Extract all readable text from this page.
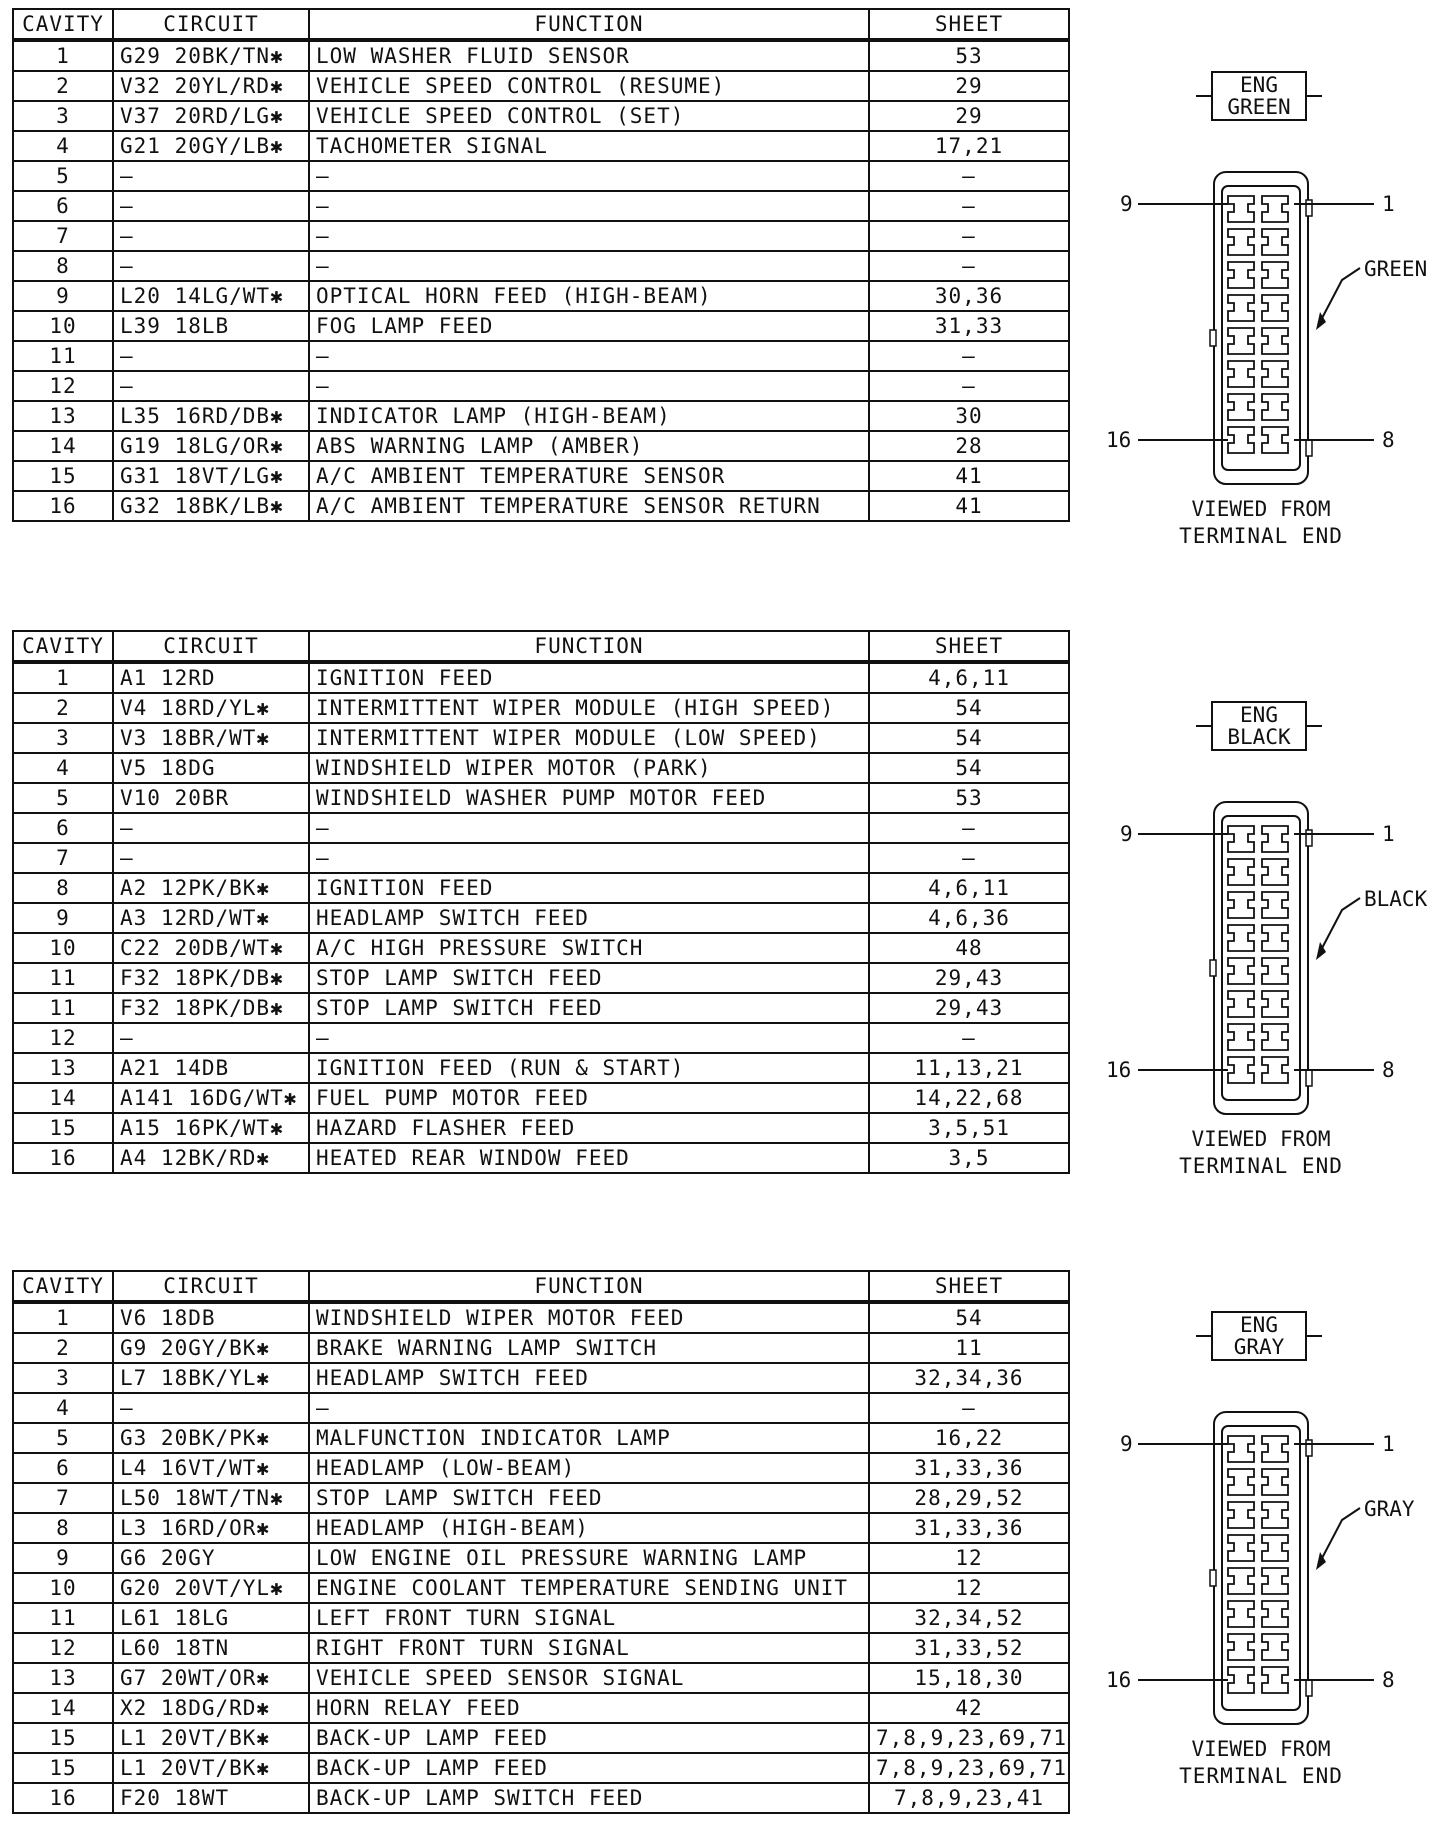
CAVITY	CIRCUIT	FUNCTION	SHEET
1	G29 20BK/TN✱	LOW WASHER FLUID SENSOR	53
2	V32 20YL/RD✱	VEHICLE SPEED CONTROL (RESUME)	29
3	V37 20RD/LG✱	VEHICLE SPEED CONTROL (SET)	29
4	G21 20GY/LB✱	TACHOMETER SIGNAL	17,21
5	—	—	—
6	—	—	—
7	—	—	—
8	—	—	—
9	L20 14LG/WT✱	OPTICAL HORN FEED (HIGH-BEAM)	30,36
10	L39 18LB	FOG LAMP FEED	31,33
11	—	—	—
12	—	—	—
13	L35 16RD/DB✱	INDICATOR LAMP (HIGH-BEAM)	30
14	G19 18LG/OR✱	ABS WARNING LAMP (AMBER)	28
15	G31 18VT/LG✱	A/C AMBIENT TEMPERATURE SENSOR	41
16	G32 18BK/LB✱	A/C AMBIENT TEMPERATURE SENSOR RETURN	41
ENG
GREEN
9	1
16	8
GREEN
VIEWED FROM
TERMINAL END
CAVITY	CIRCUIT	FUNCTION	SHEET
1	A1 12RD	IGNITION FEED	4,6,11
2	V4 18RD/YL✱	INTERMITTENT WIPER MODULE (HIGH SPEED)	54
3	V3 18BR/WT✱	INTERMITTENT WIPER MODULE (LOW SPEED)	54
4	V5 18DG	WINDSHIELD WIPER MOTOR (PARK)	54
5	V10 20BR	WINDSHIELD WASHER PUMP MOTOR FEED	53
6	—	—	—
7	—	—	—
8	A2 12PK/BK✱	IGNITION FEED	4,6,11
9	A3 12RD/WT✱	HEADLAMP SWITCH FEED	4,6,36
10	C22 20DB/WT✱	A/C HIGH PRESSURE SWITCH	48
11	F32 18PK/DB✱	STOP LAMP SWITCH FEED	29,43
11	F32 18PK/DB✱	STOP LAMP SWITCH FEED	29,43
12	—	—	—
13	A21 14DB	IGNITION FEED (RUN & START)	11,13,21
14	A141 16DG/WT✱	FUEL PUMP MOTOR FEED	14,22,68
15	A15 16PK/WT✱	HAZARD FLASHER FEED	3,5,51
16	A4 12BK/RD✱	HEATED REAR WINDOW FEED	3,5
ENG
BLACK
9	1
16	8
BLACK
VIEWED FROM
TERMINAL END
CAVITY	CIRCUIT	FUNCTION	SHEET
1	V6 18DB	WINDSHIELD WIPER MOTOR FEED	54
2	G9 20GY/BK✱	BRAKE WARNING LAMP SWITCH	11
3	L7 18BK/YL✱	HEADLAMP SWITCH FEED	32,34,36
4	—	—	—
5	G3 20BK/PK✱	MALFUNCTION INDICATOR LAMP	16,22
6	L4 16VT/WT✱	HEADLAMP (LOW-BEAM)	31,33,36
7	L50 18WT/TN✱	STOP LAMP SWITCH FEED	28,29,52
8	L3 16RD/OR✱	HEADLAMP (HIGH-BEAM)	31,33,36
9	G6 20GY	LOW ENGINE OIL PRESSURE WARNING LAMP	12
10	G20 20VT/YL✱	ENGINE COOLANT TEMPERATURE SENDING UNIT	12
11	L61 18LG	LEFT FRONT TURN SIGNAL	32,34,52
12	L60 18TN	RIGHT FRONT TURN SIGNAL	31,33,52
13	G7 20WT/OR✱	VEHICLE SPEED SENSOR SIGNAL	15,18,30
14	X2 18DG/RD✱	HORN RELAY FEED	42
15	L1 20VT/BK✱	BACK-UP LAMP FEED	7,8,9,23,69,71
15	L1 20VT/BK✱	BACK-UP LAMP FEED	7,8,9,23,69,71
16	F20 18WT	BACK-UP LAMP SWITCH FEED	7,8,9,23,41
ENG
GRAY
9	1
16	8
GRAY
VIEWED FROM
TERMINAL END
